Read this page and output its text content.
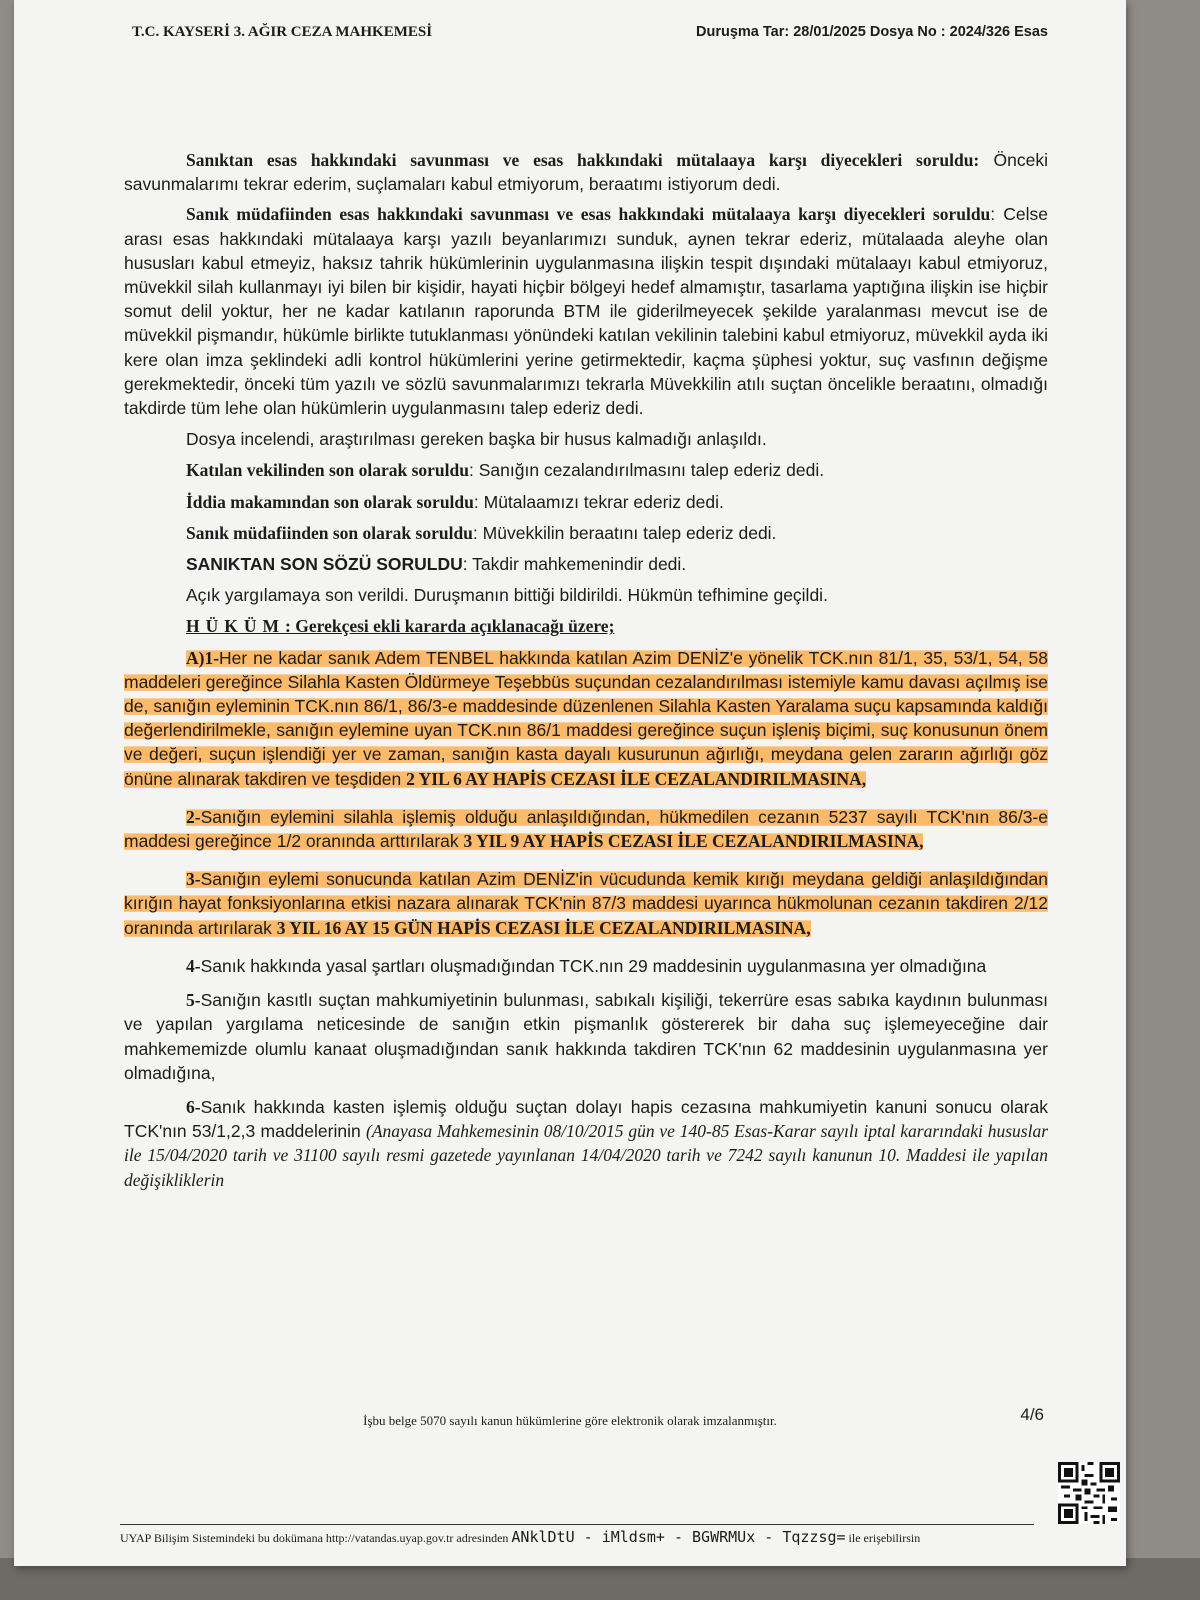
T.C. KAYSERİ 3. AĞIR CEZA MAHKEMESİ	Duruşma Tar: 28/01/2025 Dosya No : 2024/326 Esas

Sanıktan esas hakkındaki savunması ve esas hakkındaki mütalaaya karşı diyecekleri soruldu: Önceki savunmalarımı tekrar ederim, suçlamaları kabul etmiyorum, beraatımı istiyorum dedi.

Sanık müdafiinden esas hakkındaki savunması ve esas hakkındaki mütalaaya karşı diyecekleri soruldu: Celse arası esas hakkındaki mütalaaya karşı yazılı beyanlarımızı sunduk, aynen tekrar ederiz, mütalaada aleyhe olan hususları kabul etmeyiz, haksız tahrik hükümlerinin uygulanmasına ilişkin tespit dışındaki mütalaayı kabul etmiyoruz, müvekkil silah kullanmayı iyi bilen bir kişidir, hayati hiçbir bölgeyi hedef almamıştır, tasarlama yaptığına ilişkin ise hiçbir somut delil yoktur, her ne kadar katılanın raporunda BTM ile giderilmeyecek şekilde yaralanması mevcut ise de müvekkil pişmandır, hükümle birlikte tutuklanması yönündeki katılan vekilinin talebini kabul etmiyoruz, müvekkil ayda iki kere olan imza şeklindeki adli kontrol hükümlerini yerine getirmektedir, kaçma şüphesi yoktur, suç vasfının değişme gerekmektedir, önceki tüm yazılı ve sözlü savunmalarımızı tekrarla Müvekkilin atılı suçtan öncelikle beraatını, olmadığı takdirde tüm lehe olan hükümlerin uygulanmasını talep ederiz dedi.

Dosya incelendi, araştırılması gereken başka bir husus kalmadığı anlaşıldı.

Katılan vekilinden son olarak soruldu: Sanığın cezalandırılmasını talep ederiz dedi.

İddia makamından son olarak soruldu: Mütalaamızı tekrar ederiz dedi.

Sanık müdafiinden son olarak soruldu: Müvekkilin beraatını talep ederiz dedi.

SANIKTAN SON SÖZÜ SORULDU: Takdir mahkemenindir dedi.

Açık yargılamaya son verildi. Duruşmanın bittiği bildirildi. Hükmün tefhimine geçildi.

HÜKÜM: Gerekçesi ekli kararda açıklanacağı üzere;

A)1-Her ne kadar sanık Adem TENBEL hakkında katılan Azim DENİZ'e yönelik TCK.nın 81/1, 35, 53/1, 54, 58 maddeleri gereğince Silahla Kasten Öldürmeye Teşebbüs suçundan cezalandırılması istemiyle kamu davası açılmış ise de, sanığın eyleminin TCK.nın 86/1, 86/3-e maddesinde düzenlenen Silahla Kasten Yaralama suçu kapsamında kaldığı değerlendirilmekle, sanığın eylemine uyan TCK.nın 86/1 maddesi gereğince suçun işleniş biçimi, suç konusunun önem ve değeri, suçun işlendiği yer ve zaman, sanığın kasta dayalı kusurunun ağırlığı, meydana gelen zararın ağırlığı göz önüne alınarak takdiren ve teşdiden 2 YIL 6 AY HAPİS CEZASI İLE CEZALANDIRILMASINA,

2-Sanığın eylemini silahla işlemiş olduğu anlaşıldığından, hükmedilen cezanın 5237 sayılı TCK'nın 86/3-e maddesi gereğince 1/2 oranında arttırılarak 3 YIL 9 AY HAPİS CEZASI İLE CEZALANDIRILMASINA,

3-Sanığın eylemi sonucunda katılan Azim DENİZ'in vücudunda kemik kırığı meydana geldiği anlaşıldığından kırığın hayat fonksiyonlarına etkisi nazara alınarak TCK'nin 87/3 maddesi uyarınca hükmolunan cezanın takdiren 2/12 oranında artırılarak 3 YIL 16 AY 15 GÜN HAPİS CEZASI İLE CEZALANDIRILMASINA,

4-Sanık hakkında yasal şartları oluşmadığından TCK.nın 29 maddesinin uygulanmasına yer olmadığına

5-Sanığın kasıtlı suçtan mahkumiyetinin bulunması, sabıkalı kişiliği, tekerrüre esas sabıka kaydının bulunması ve yapılan yargılama neticesinde de sanığın etkin pişmanlık göstererek bir daha suç işlemeyeceğine dair mahkememizde olumlu kanaat oluşmadığından sanık hakkında takdiren TCK'nın 62 maddesinin uygulanmasına yer olmadığına,

6-Sanık hakkında kasten işlemiş olduğu suçtan dolayı hapis cezasına mahkumiyetin kanuni sonucu olarak TCK'nın 53/1,2,3 maddelerinin (Anayasa Mahkemesinin 08/10/2015 gün ve 140-85 Esas-Karar sayılı iptal kararındaki hususlar ile 15/04/2020 tarih ve 31100 sayılı resmi gazetede yayınlanan 14/04/2020 tarih ve 7242 sayılı kanunun 10. Maddesi ile yapılan değişikliklerin

4/6
İşbu belge 5070 sayılı kanun hükümlerine göre elektronik olarak imzalanmıştır.
UYAP Bilişim Sistemindeki bu dokümana http://vatandas.uyap.gov.tr adresinden ANklDtU - iMldsm+ - BGWRMUx - Tqzzsg= ile erişebilirsin
